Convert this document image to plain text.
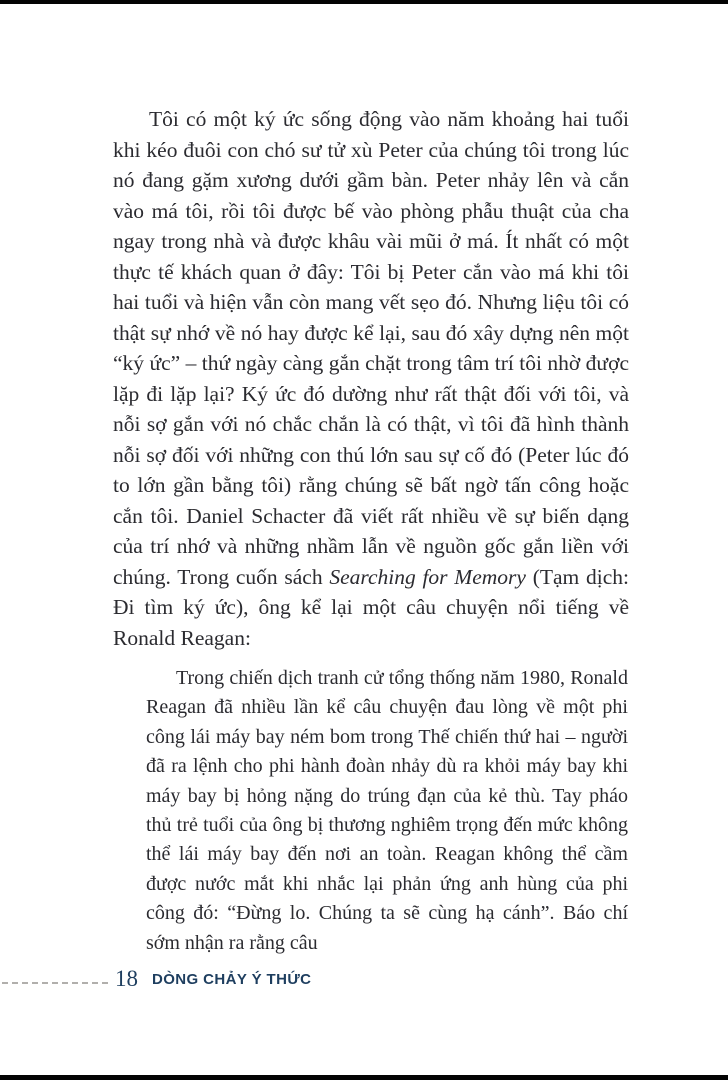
Tôi có một ký ức sống động vào năm khoảng hai tuổi khi kéo đuôi con chó sư tử xù Peter của chúng tôi trong lúc nó đang gặm xương dưới gầm bàn. Peter nhảy lên và cắn vào má tôi, rồi tôi được bế vào phòng phẫu thuật của cha ngay trong nhà và được khâu vài mũi ở má. Ít nhất có một thực tế khách quan ở đây: Tôi bị Peter cắn vào má khi tôi hai tuổi và hiện vẫn còn mang vết sẹo đó. Nhưng liệu tôi có thật sự nhớ về nó hay được kể lại, sau đó xây dựng nên một “ký ức” – thứ ngày càng gắn chặt trong tâm trí tôi nhờ được lặp đi lặp lại? Ký ức đó dường như rất thật đối với tôi, và nỗi sợ gắn với nó chắc chắn là có thật, vì tôi đã hình thành nỗi sợ đối với những con thú lớn sau sự cố đó (Peter lúc đó to lớn gần bằng tôi) rằng chúng sẽ bất ngờ tấn công hoặc cắn tôi. Daniel Schacter đã viết rất nhiều về sự biến dạng của trí nhớ và những nhầm lẫn về nguồn gốc gắn liền với chúng. Trong cuốn sách Searching for Memory (Tạm dịch: Đi tìm ký ức), ông kể lại một câu chuyện nổi tiếng về Ronald Reagan:

Trong chiến dịch tranh cử tổng thống năm 1980, Ronald Reagan đã nhiều lần kể câu chuyện đau lòng về một phi công lái máy bay ném bom trong Thế chiến thứ hai – người đã ra lệnh cho phi hành đoàn nhảy dù ra khỏi máy bay khi máy bay bị hỏng nặng do trúng đạn của kẻ thù. Tay pháo thủ trẻ tuổi của ông bị thương nghiêm trọng đến mức không thể lái máy bay đến nơi an toàn. Reagan không thể cầm được nước mắt khi nhắc lại phản ứng anh hùng của phi công đó: “Đừng lo. Chúng ta sẽ cùng hạ cánh”. Báo chí sớm nhận ra rằng câu

18 DÒNG CHẢY Ý THỨC
